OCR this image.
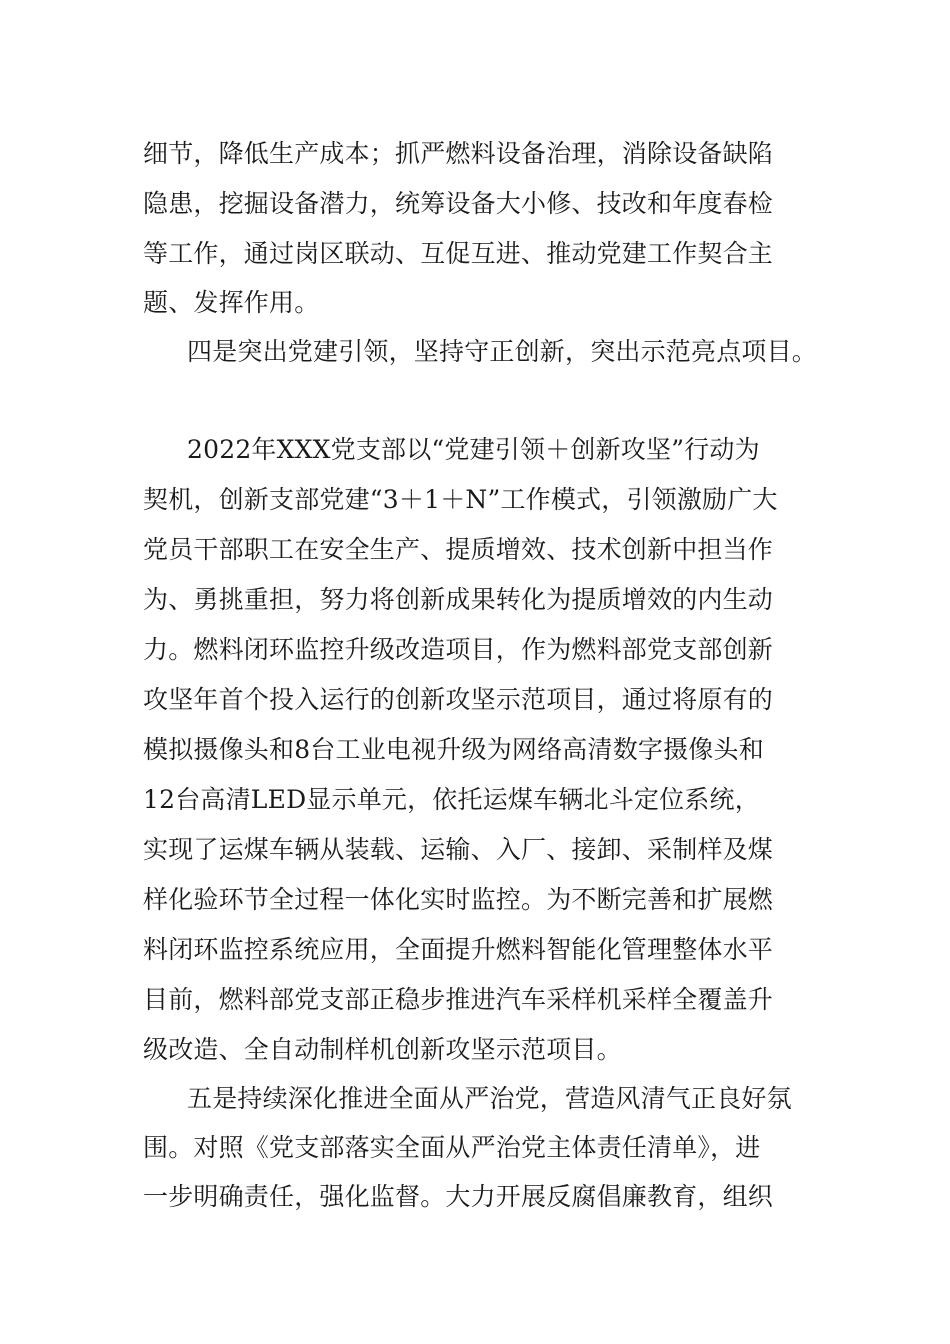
细节，降低生产成本；抓严燃料设备治理，消除设备缺陷

隐患，挖掘设备潜力，统筹设备大小修、技改和年度春检

等工作，通过岗区联动、互促互进、推动党建工作契合主

题、发挥作用。

四是突出党建引领，坚持守正创新，突出示范亮点项目。

2022年XXX党支部以“党建引领＋创新攻坚”行动为

契机，创新支部党建“3＋1＋N”工作模式，引领激励广大

党员干部职工在安全生产、提质增效、技术创新中担当作

为、勇挑重担，努力将创新成果转化为提质增效的内生动

力。燃料闭环监控升级改造项目，作为燃料部党支部创新

攻坚年首个投入运行的创新攻坚示范项目，通过将原有的

模拟摄像头和8台工业电视升级为网络高清数字摄像头和

12台高清LED显示单元，依托运煤车辆北斗定位系统，

实现了运煤车辆从装载、运输、入厂、接卸、采制样及煤

样化验环节全过程一体化实时监控。为不断完善和扩展燃

料闭环监控系统应用，全面提升燃料智能化管理整体水平

目前，燃料部党支部正稳步推进汽车采样机采样全覆盖升

级改造、全自动制样机创新攻坚示范项目。

五是持续深化推进全面从严治党，营造风清气正良好氛

围。对照《党支部落实全面从严治党主体责任清单》，进

一步明确责任，强化监督。大力开展反腐倡廉教育，组织
